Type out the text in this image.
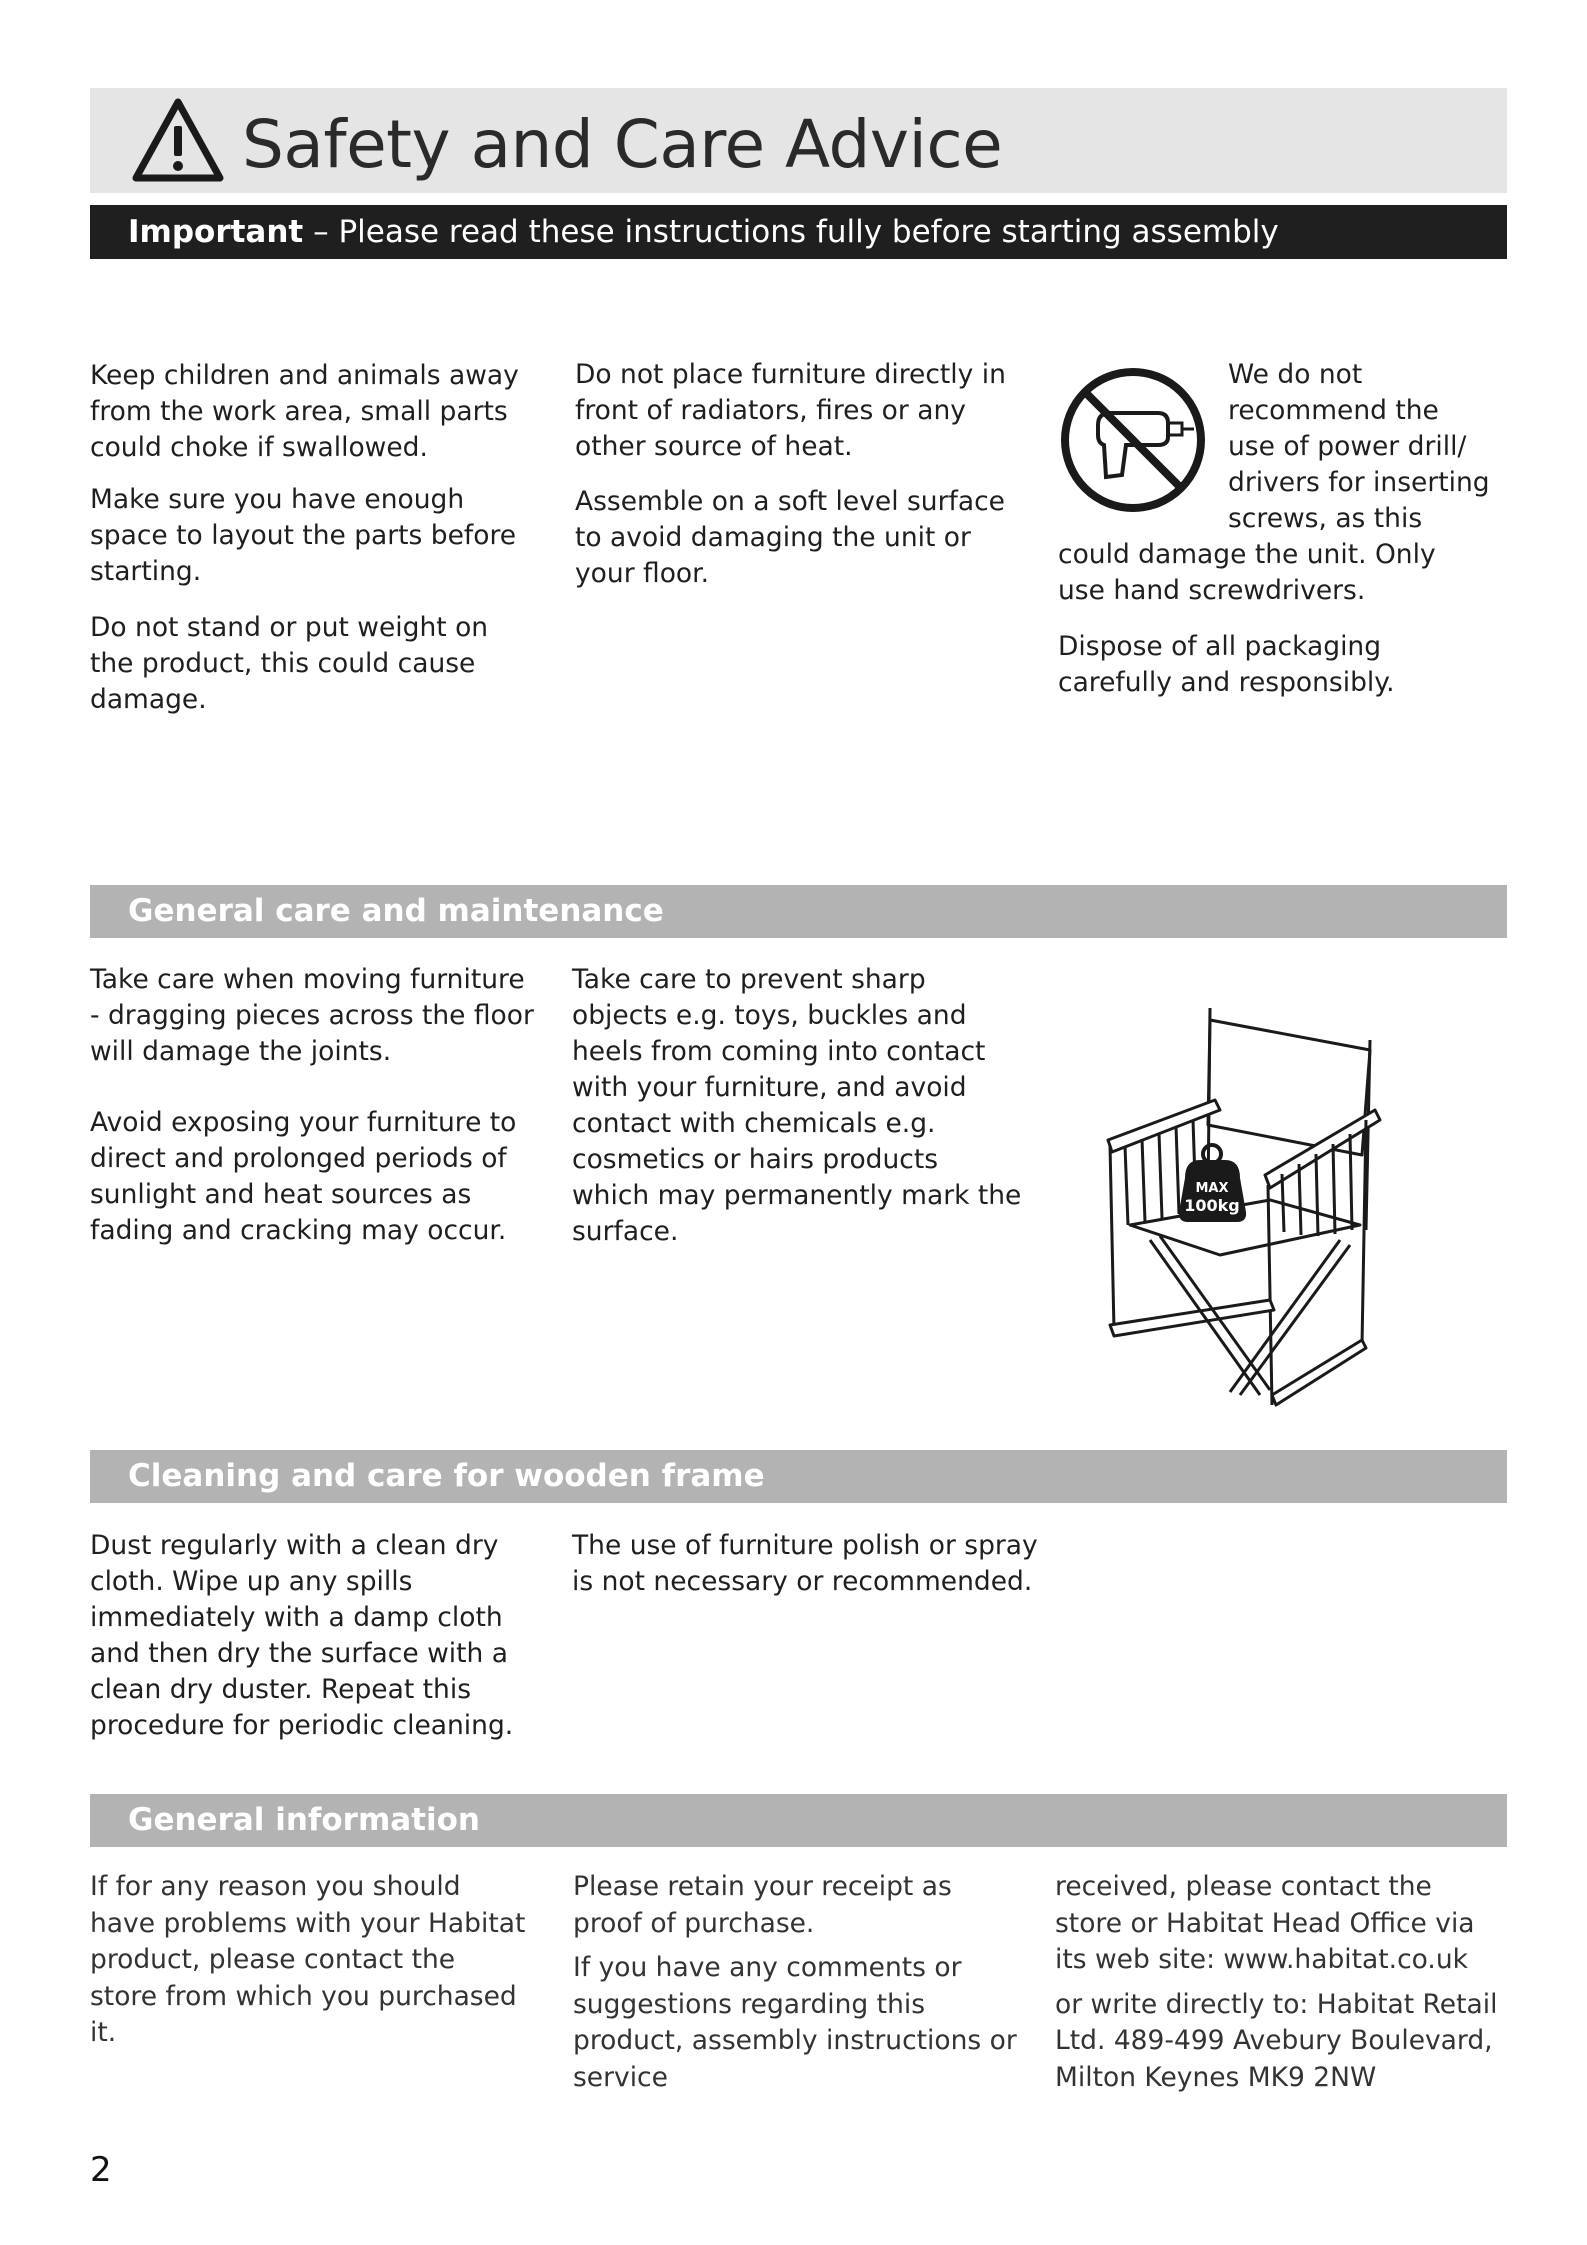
Safety and Care Advice
Important – Please read these instructions fully before starting assembly

Keep children and animals away from the work area, small parts could choke if swallowed.

Make sure you have enough space to layout the parts before starting.

Do not stand or put weight on the product, this could cause damage.

Do not place furniture directly in front of radiators, fires or any other source of heat.

Assemble on a soft level surface to avoid damaging the unit or your floor.

We do not recommend the use of power drill/ drivers for inserting screws, as this could damage the unit. Only use hand screwdrivers.

Dispose of all packaging carefully and responsibly.

General care and maintenance

Take care when moving furniture - dragging pieces across the floor will damage the joints.

Avoid exposing your furniture to direct and prolonged periods of sunlight and heat sources as fading and cracking may occur.

Take care to prevent sharp objects e.g. toys, buckles and heels from coming into contact with your furniture, and avoid contact with chemicals e.g. cosmetics or hairs products which may permanently mark the surface.

MAX
100kg
Cleaning and care for wooden frame

Dust regularly with a clean dry cloth. Wipe up any spills immediately with a damp cloth and then dry the surface with a clean dry duster. Repeat this procedure for periodic cleaning.

The use of furniture polish or spray is not necessary or recommended.

General information

If for any reason you should have problems with your Habitat product, please contact the store from which you purchased it.

Please retain your receipt as proof of purchase.

If you have any comments or suggestions regarding this product, assembly instructions or service

received, please contact the store or Habitat Head Office via its web site: www.habitat.co.uk

or write directly to: Habitat Retail Ltd. 489-499 Avebury Boulevard, Milton Keynes MK9 2NW

2
